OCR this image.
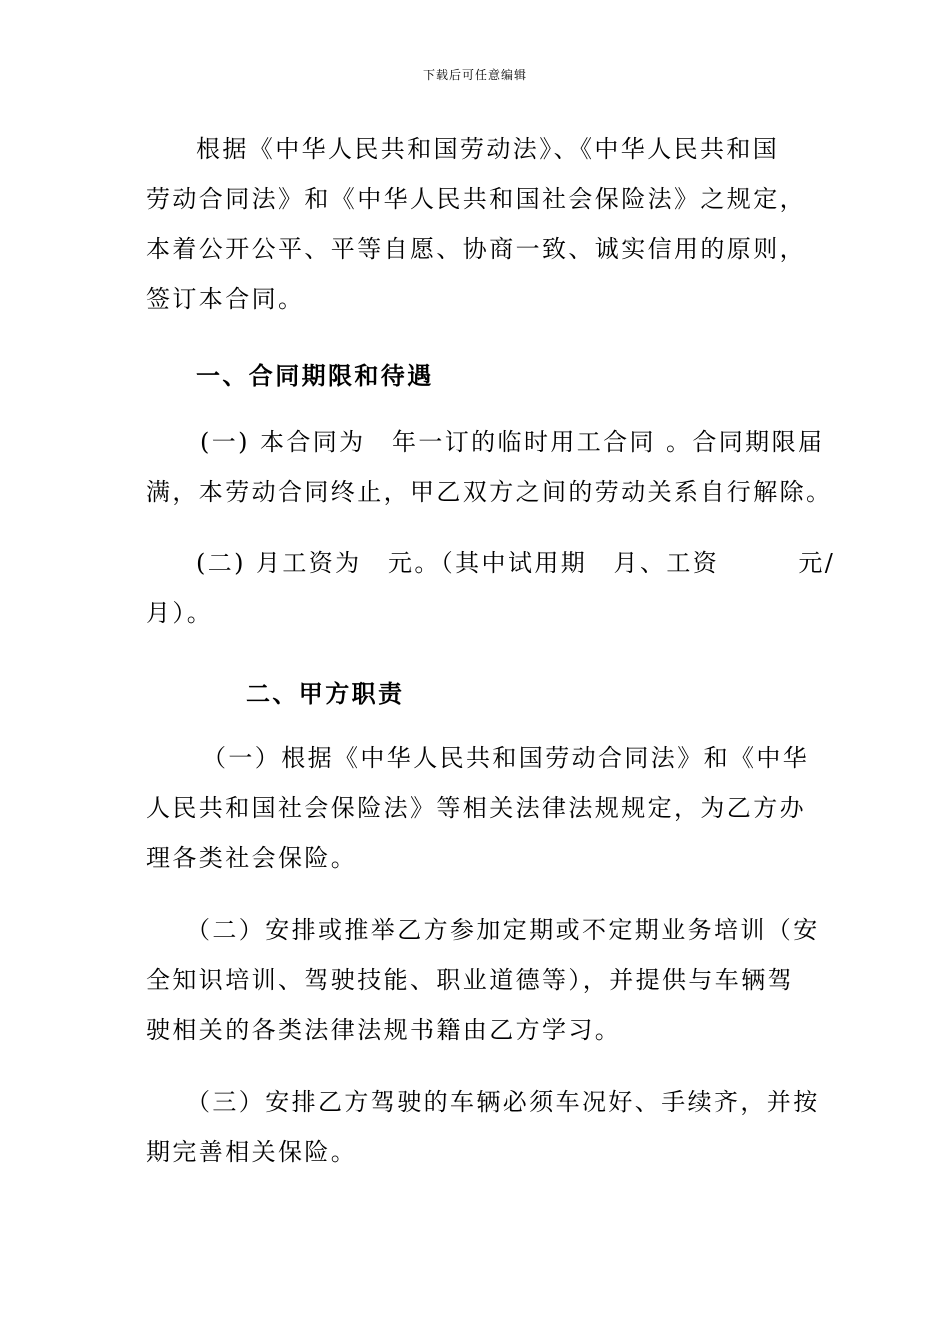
下载后可任意编辑
根据《中华人民共和国劳动法》、《中华人民共和国
劳动合同法》和《中华人民共和国社会保险法》之规定，
本着公开公平、平等自愿、协商一致、诚实信用的原则，
签订本合同。
一、合同期限和待遇
(一) 本合同为　年一订的临时用工合同 。合同期限届
满，本劳动合同终止，甲乙双方之间的劳动关系自行解除。
(二) 月工资为　元。（其中试用期　月、工资　　　元/
月）。
二、甲方职责
（一）根据《中华人民共和国劳动合同法》和《中华
人民共和国社会保险法》等相关法律法规规定，为乙方办
理各类社会保险。
（二）安排或推举乙方参加定期或不定期业务培训（安
全知识培训、驾驶技能、职业道德等），并提供与车辆驾
驶相关的各类法律法规书籍由乙方学习。
（三）安排乙方驾驶的车辆必须车况好、手续齐，并按
期完善相关保险。
